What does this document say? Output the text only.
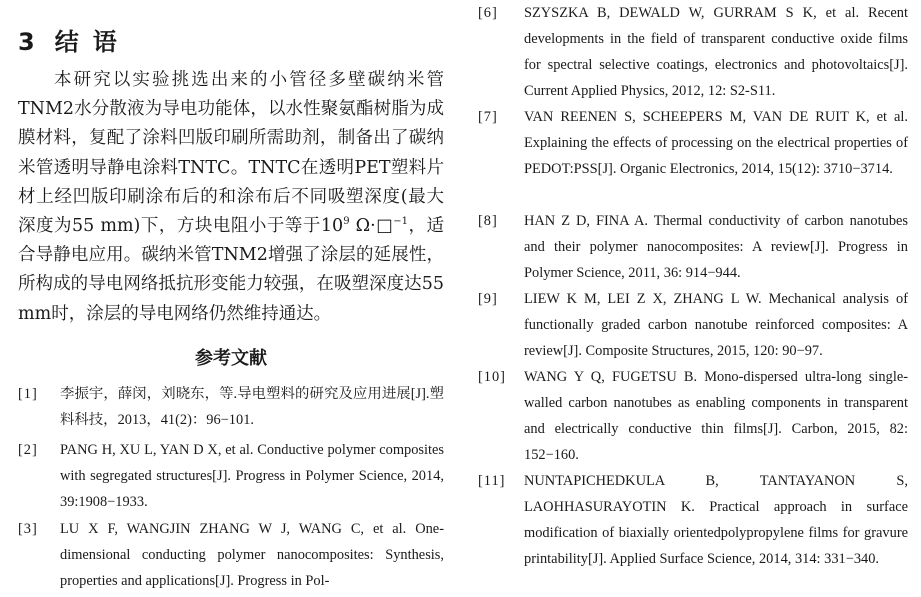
3 结语
本研究以实验挑选出来的小管径多壁碳纳米管TNM2水分散液为导电功能体，以水性聚氨酯树脂为成膜材料，复配了涂料凹版印刷所需助剂，制备出了碳纳米管透明导静电涂料TNTC。TNTC在透明PET塑料片材上经凹版印刷涂布后的和涂布后不同吸塑深度(最大深度为55 mm)下，方块电阻小于等于$10^9$ Ω·□$^{-1}$，适合导静电应用。碳纳米管TNM2增强了涂层的延展性，所构成的导电网络抵抗形变能力较强，在吸塑深度达55 mm时，涂层的导电网络仍然维持通达。
参考文献
[1] 李振宇，薛闵，刘晓东，等.导电塑料的研究及应用进展[J].塑料科技，2013，41(2)：96−101.
[2] PANG H, XU L, YAN D X, et al. Conductive polymer composites with segregated structures[J]. Progress in Polymer Science, 2014, 39:1908−1933.
[3] LU X F, WANGJIN ZHANG W J, WANG C, et al. One-dimensional conducting polymer nanocomposites: Synthesis, properties and applications[J]. Progress in Pol-
[6] SZYSZKA B, DEWALD W, GURRAM S K, et al. Recent developments in the field of transparent conductive oxide films for spectral selective coatings, electronics and photovoltaics[J]. Current Applied Physics, 2012, 12: S2-S11.
[7] VAN REENEN S, SCHEEPERS M, VAN DE RUIT K, et al. Explaining the effects of processing on the electrical properties of PEDOT:PSS[J]. Organic Electronics, 2014, 15(12): 3710−3714.
[8] HAN Z D, FINA A. Thermal conductivity of carbon nanotubes and their polymer nanocomposites: A review[J]. Progress in Polymer Science, 2011, 36: 914−944.
[9] LIEW K M, LEI Z X, ZHANG L W. Mechanical analysis of functionally graded carbon nanotube reinforced composites: A review[J]. Composite Structures, 2015, 120: 90−97.
[10] WANG Y Q, FUGETSU B. Mono-dispersed ultra-long single-walled carbon nanotubes as enabling components in transparent and electrically conductive thin films[J]. Carbon, 2015, 82: 152−160.
[11] NUNTAPICHEDKULA B, TANTAYANON S, LAOHHASURAYOTIN K. Practical approach in surface modification of biaxially orientedpolypropylene films for gravure printability[J]. Applied Surface Science, 2014, 314: 331−340.
